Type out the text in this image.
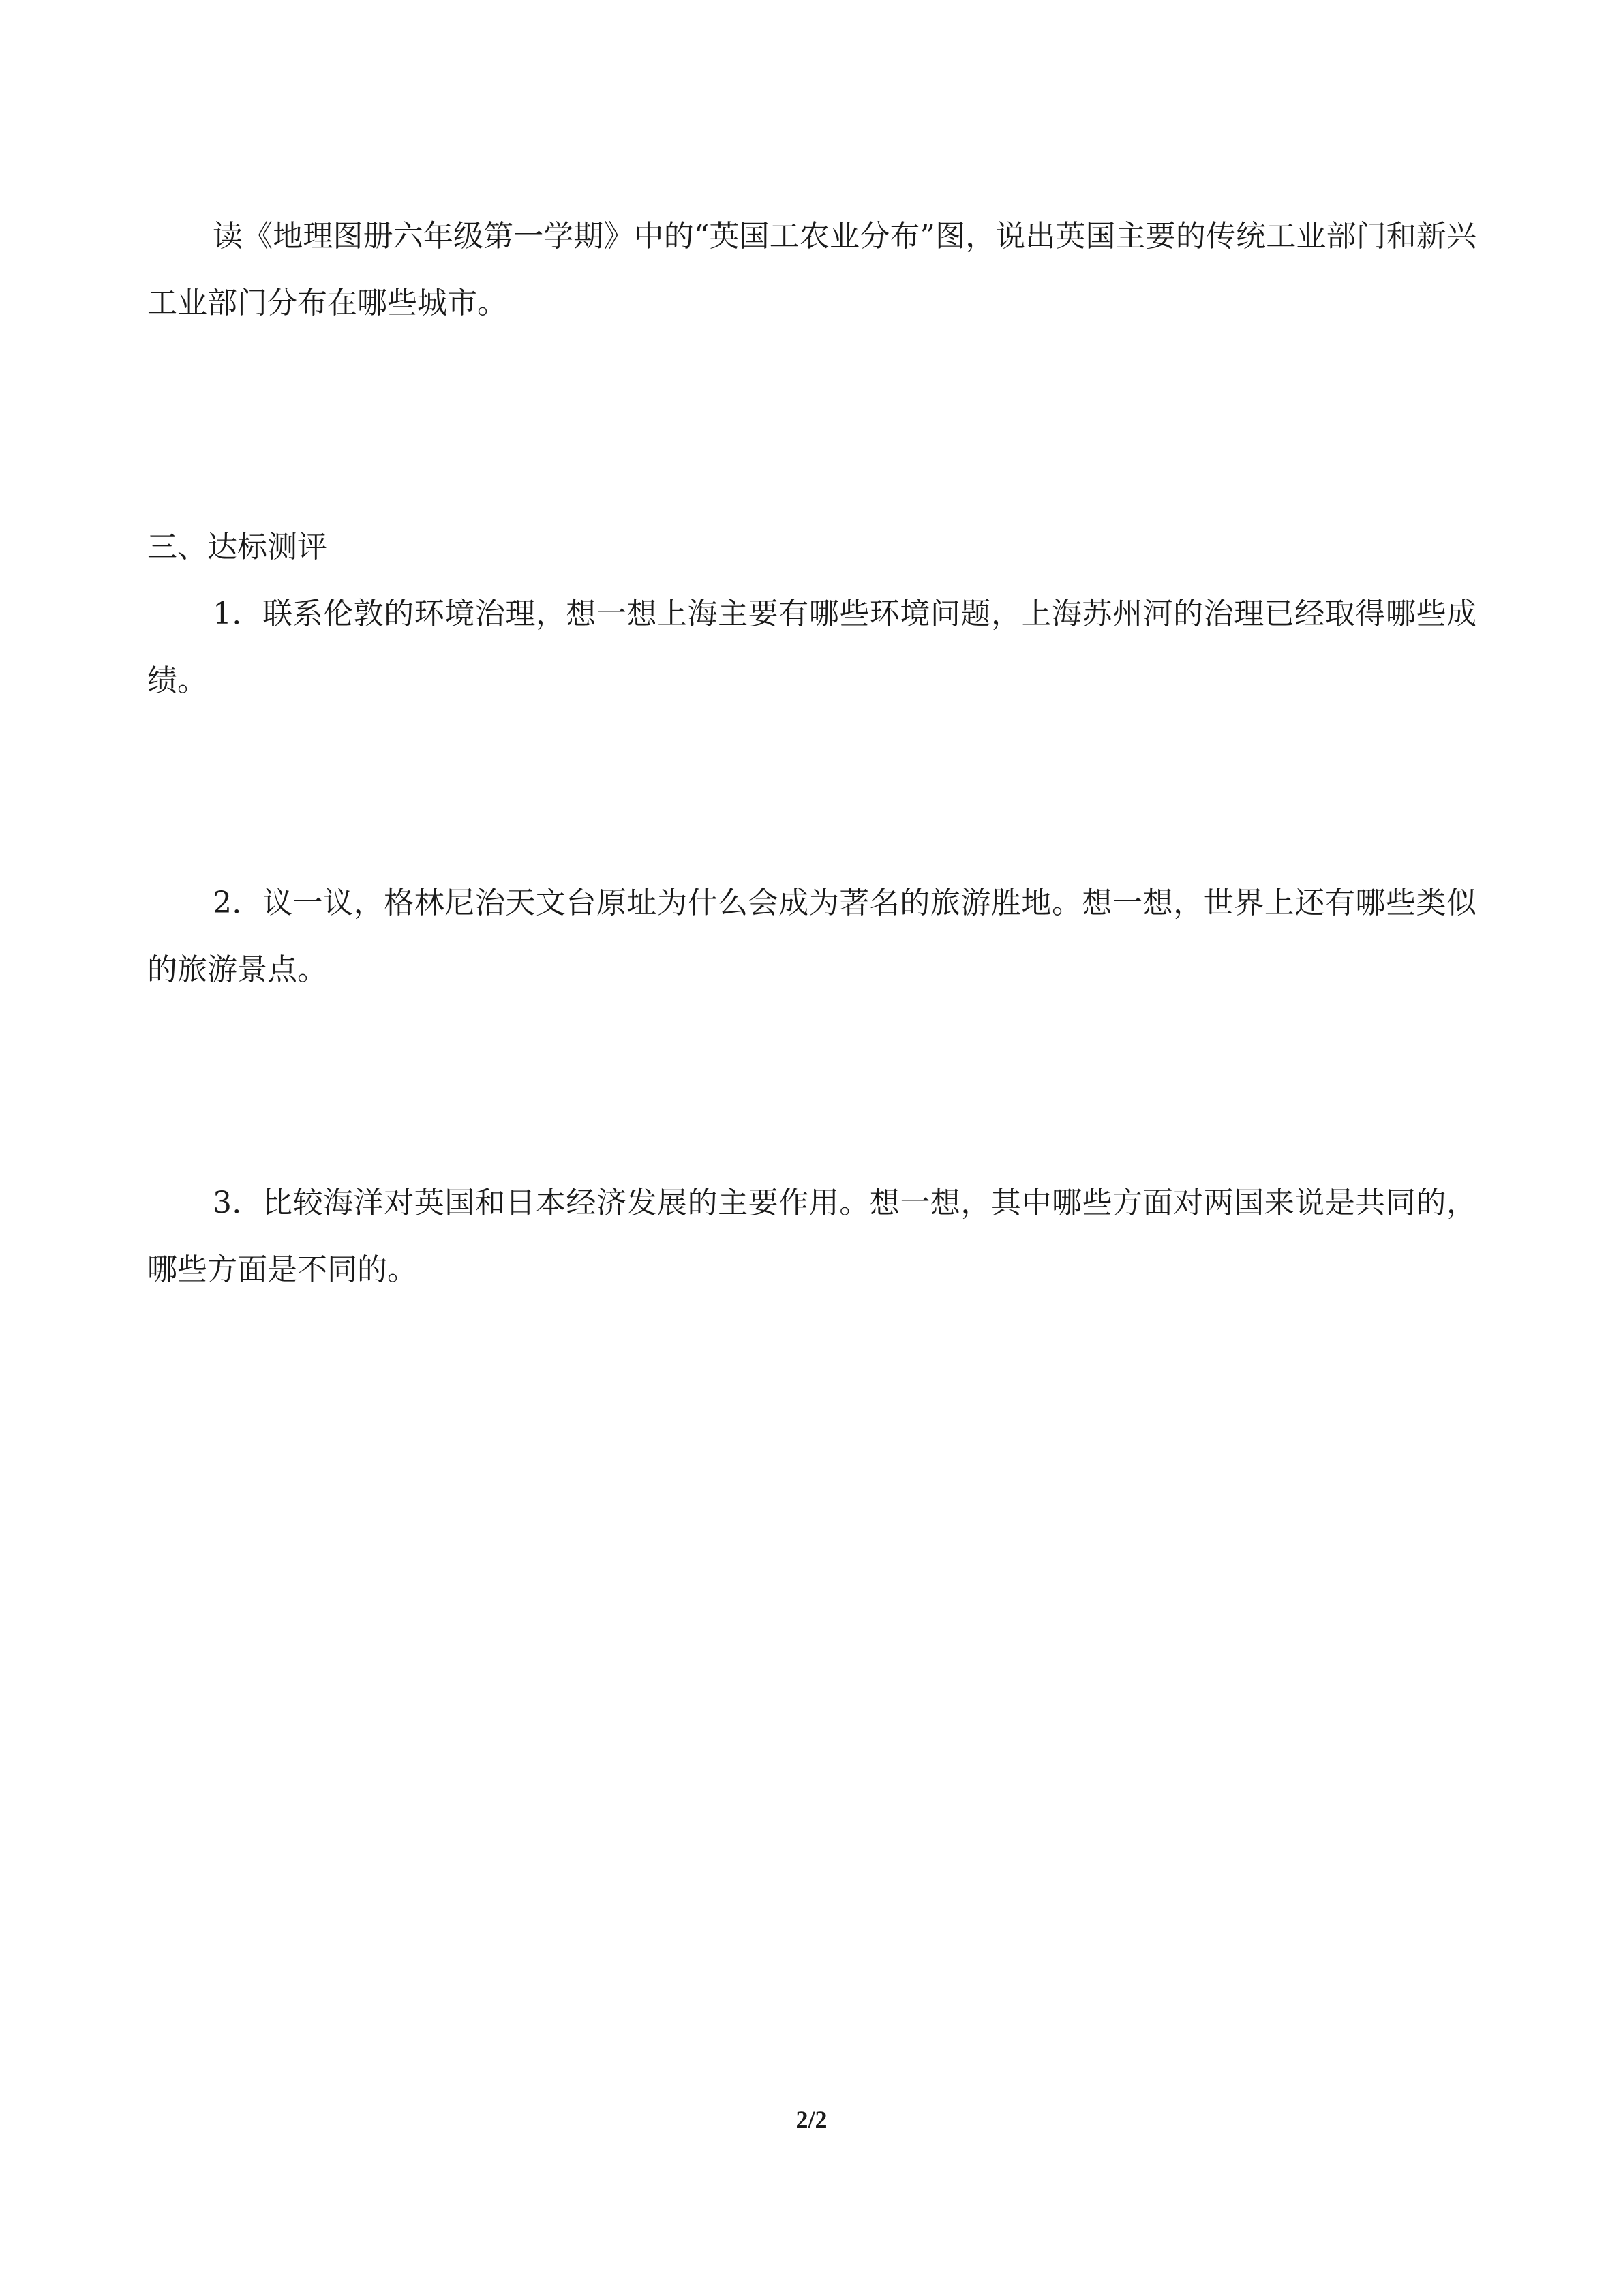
读《地理图册六年级第一学期》中的“英国工农业分布”图，说出英国主要的传统工业部门和新兴工业部门分布在哪些城市。

三、达标测评

1．联系伦敦的环境治理，想一想上海主要有哪些环境问题，上海苏州河的治理已经取得哪些成绩。

2．议一议，格林尼治天文台原址为什么会成为著名的旅游胜地。想一想，世界上还有哪些类似的旅游景点。

3．比较海洋对英国和日本经济发展的主要作用。想一想，其中哪些方面对两国来说是共同的，哪些方面是不同的。

2/2
